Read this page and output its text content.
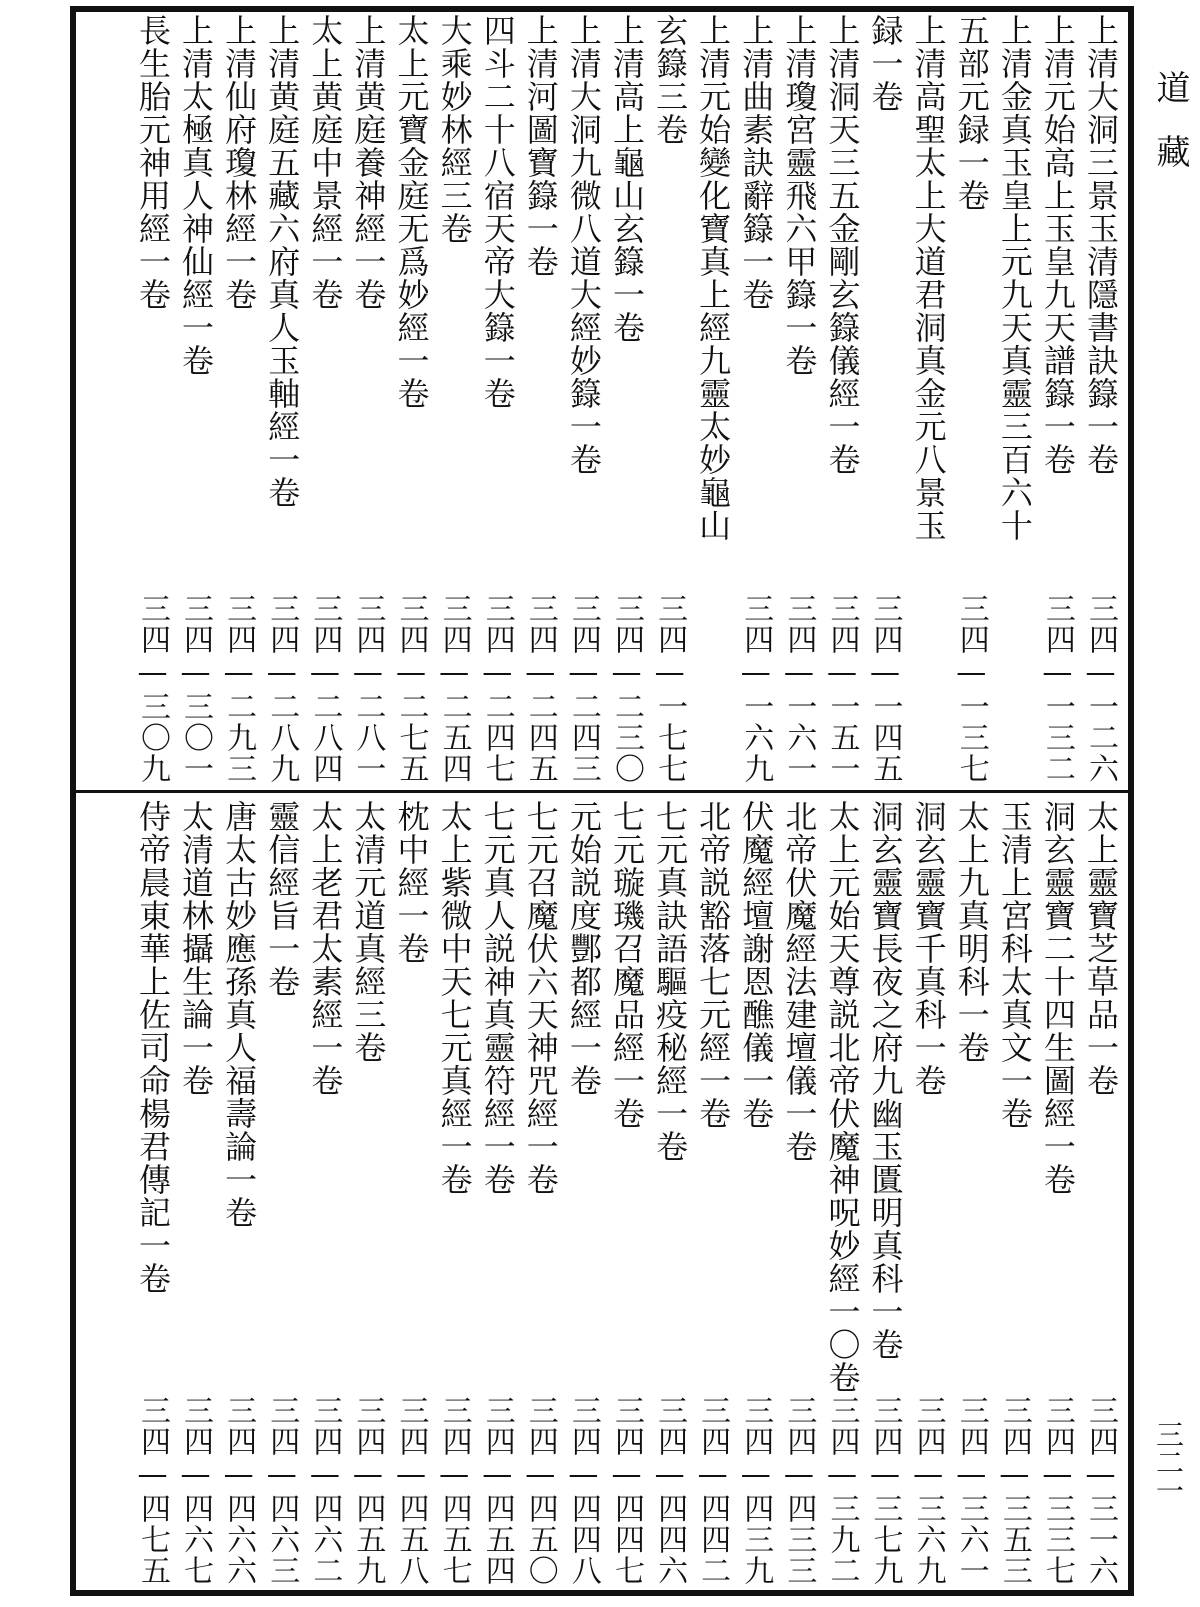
上清大洞三景玉清隱書訣籙一卷
三四—一二六
上清元始高上玉皇九天譜籙一卷
三四—一三二
上清金真玉皇上元九天真靈三百六十
五部元録一卷
三四—一三七
上清高聖太上大道君洞真金元八景玉
録一卷
三四—一四五
上清洞天三五金剛玄籙儀經一卷
三四—一五一
上清瓊宮靈飛六甲籙一卷
三四—一六一
上清曲素訣辭籙一卷
三四—一六九
上清元始變化寶真上經九靈太妙龜山
玄籙三卷
三四—一七七
上清高上龜山玄籙一卷
三四—二三〇
上清大洞九微八道大經妙籙一卷
三四—二四三
上清河圖寶籙一卷
三四—二四五
四斗二十八宿天帝大籙一卷
三四—二四七
大乘妙林經三卷
三四—二五四
太上元寶金庭无爲妙經一卷
三四—二七五
上清黄庭養神經一卷
三四—二八一
太上黄庭中景經一卷
三四—二八四
上清黄庭五藏六府真人玉軸經一卷
三四—二八九
上清仙府瓊林經一卷
三四—二九三
上清太極真人神仙經一卷
三四—三〇一
長生胎元神用經一卷
三四—三〇九
太上靈寶芝草品一卷
三四—三一六
洞玄靈寶二十四生圖經一卷
三四—三三七
玉清上宮科太真文一卷
三四—三五三
太上九真明科一卷
三四—三六一
洞玄靈寶千真科一卷
三四—三六九
洞玄靈寶長夜之府九幽玉匱明真科一卷
三四—三七九
太上元始天尊説北帝伏魔神呪妙經一〇卷
三四—三九二
北帝伏魔經法建壇儀一卷
三四—四三三
伏魔經壇謝恩醮儀一卷
三四—四三九
北帝説豁落七元經一卷
三四—四四二
七元真訣語驅疫秘經一卷
三四—四四六
七元璇璣召魔品經一卷
三四—四四七
元始説度酆都經一卷
三四—四四八
七元召魔伏六天神咒經一卷
三四—四五〇
七元真人説神真靈符經一卷
三四—四五四
太上紫微中天七元真經一卷
三四—四五七
枕中經一卷
三四—四五八
太清元道真經三卷
三四—四五九
太上老君太素經一卷
三四—四六二
靈信經旨一卷
三四—四六三
唐太古妙應孫真人福壽論一卷
三四—四六六
太清道林攝生論一卷
三四—四六七
侍帝晨東華上佐司命楊君傳記一卷
三四—四七五
道藏
三二一
